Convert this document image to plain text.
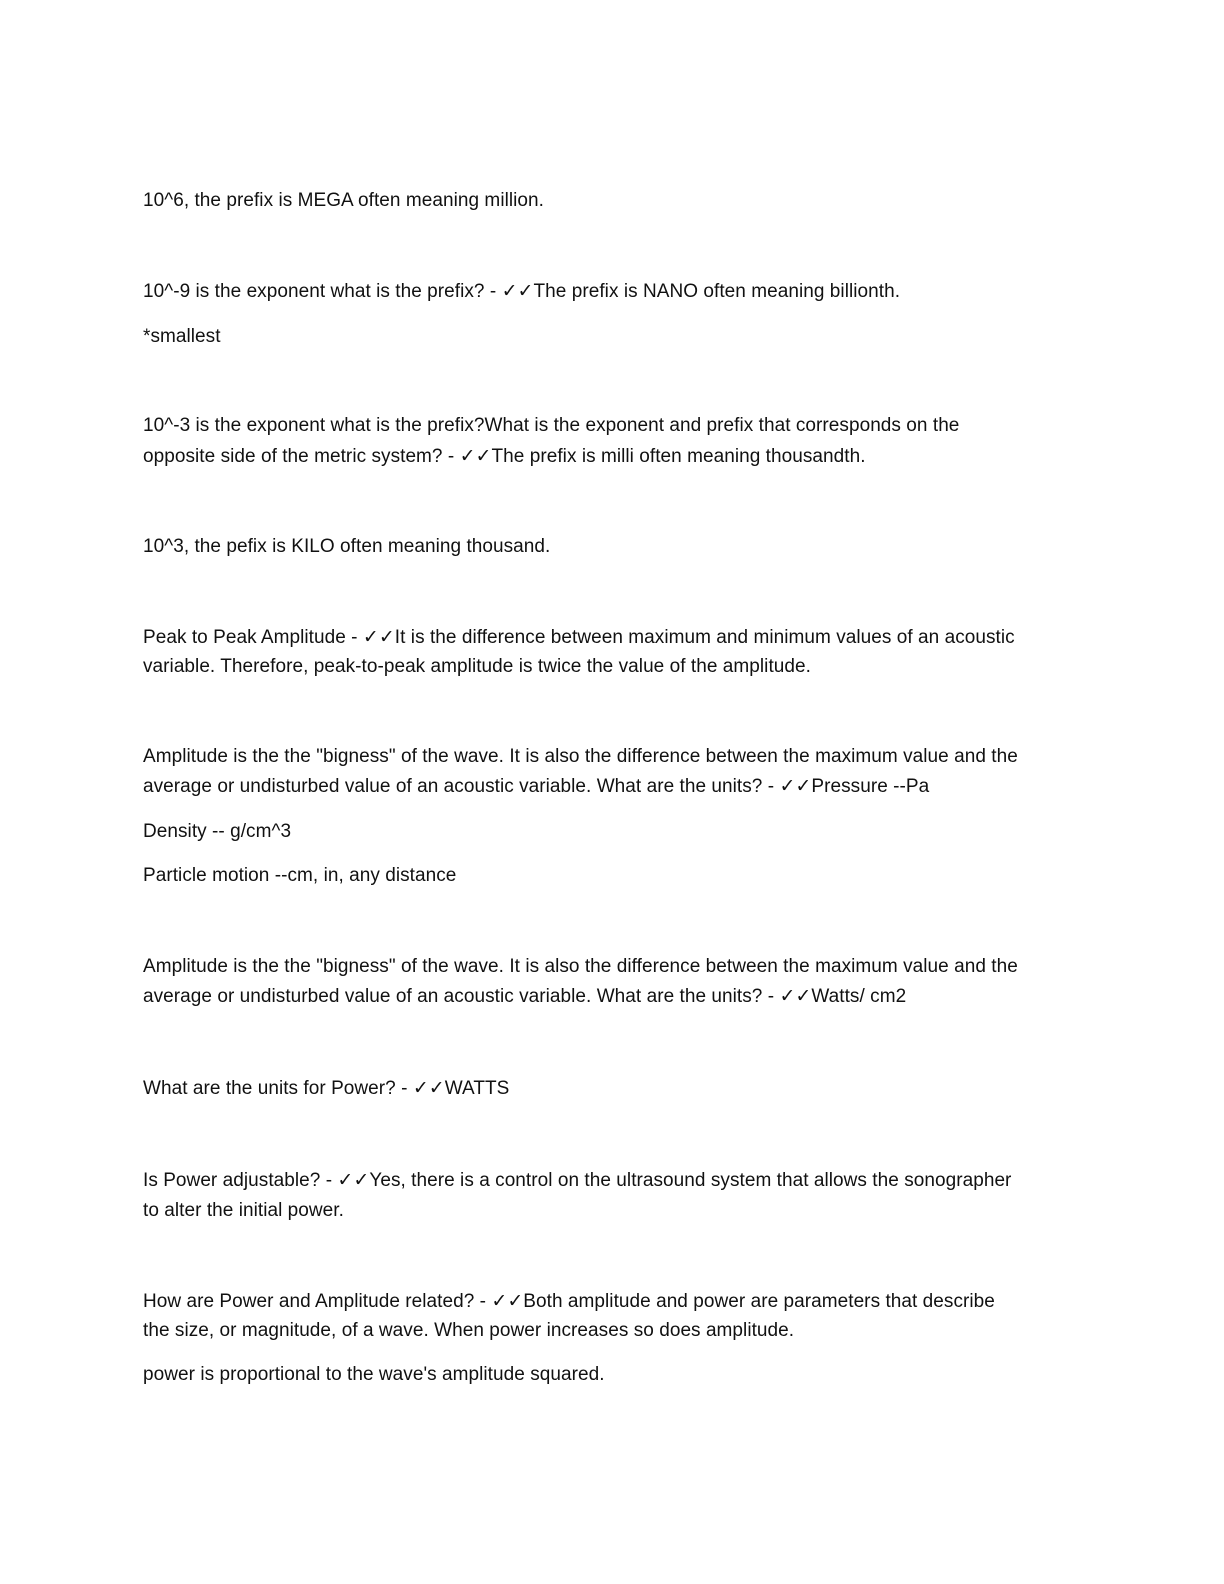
10^6, the prefix is MEGA often meaning million.
10^-9 is the exponent what is the prefix? - ✓✓The prefix is NANO often meaning billionth.
*smallest
10^-3 is the exponent what is the prefix?What is the exponent and prefix that corresponds on the
opposite side of the metric system? - ✓✓The prefix is milli often meaning thousandth.
10^3, the pefix is KILO often meaning thousand.
Peak to Peak Amplitude - ✓✓It is the difference between maximum and minimum values of an acoustic
variable. Therefore, peak-to-peak amplitude is twice the value of the amplitude.
Amplitude is the the "bigness" of the wave. It is also the difference between the maximum value and the
average or undisturbed value of an acoustic variable. What are the units? - ✓✓Pressure --Pa
Density -- g/cm^3
Particle motion --cm, in, any distance
Amplitude is the the "bigness" of the wave. It is also the difference between the maximum value and the
average or undisturbed value of an acoustic variable. What are the units? - ✓✓Watts/ cm2
What are the units for Power? - ✓✓WATTS
Is Power adjustable? - ✓✓Yes, there is a control on the ultrasound system that allows the sonographer
to alter the initial power.
How are Power and Amplitude related? - ✓✓Both amplitude and power are parameters that describe
the size, or magnitude, of a wave. When power increases so does amplitude.
power is proportional to the wave's amplitude squared.
